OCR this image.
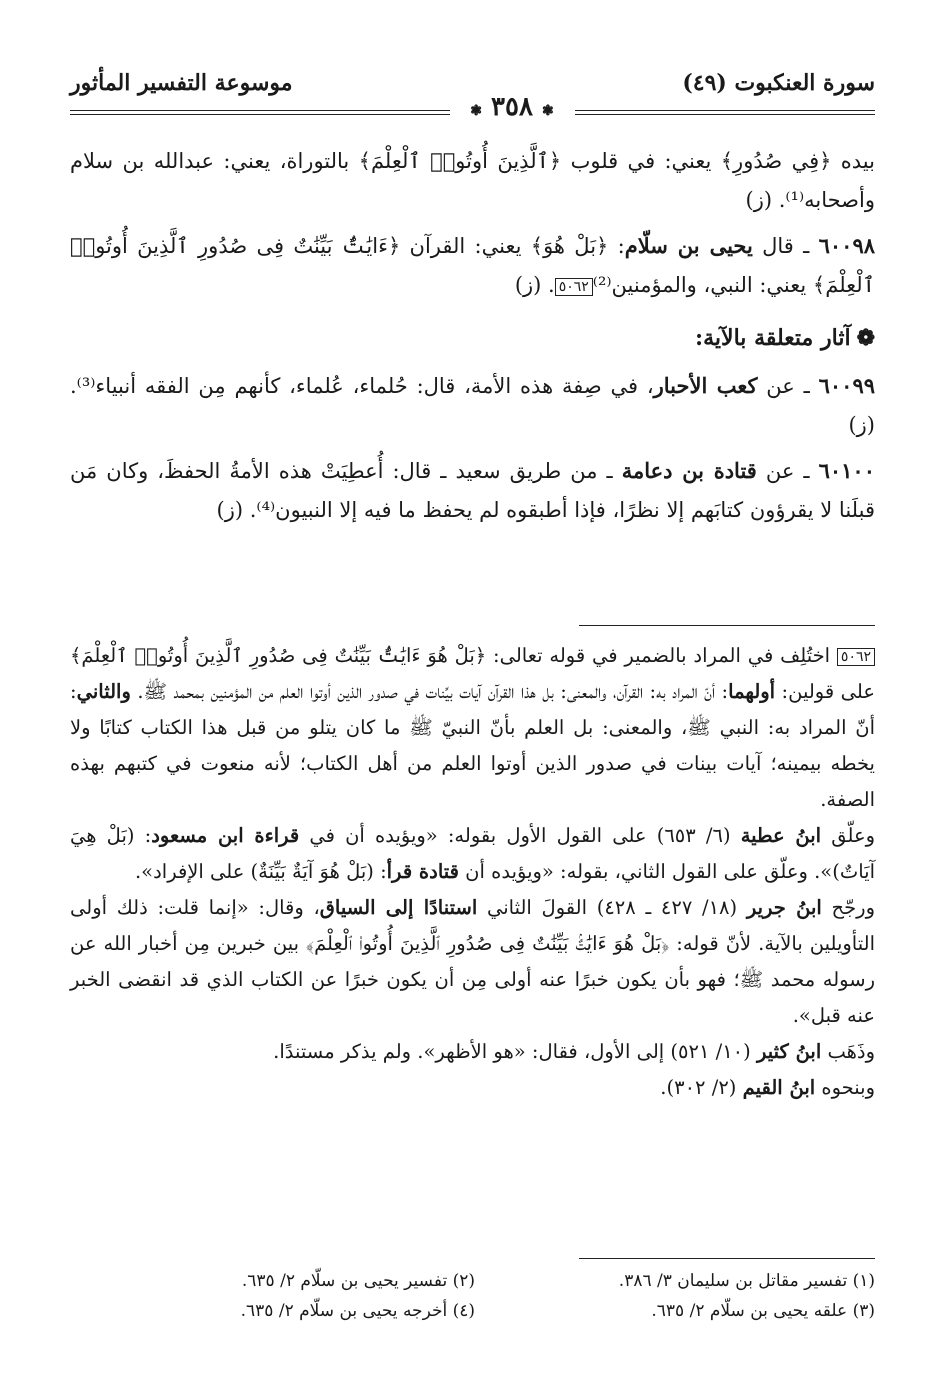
سورة العنكبوت (٤٩)
موسوعة التفسير المأثور
❃ ٣٥٨ ❃

بيده ﴿فِي صُدُورِ﴾ يعني: في قلوب ﴿ٱلَّذِينَ أُوتُوا۟ ٱلْعِلْمَ﴾ بالتوراة، يعني: عبدالله بن سلام وأصحابه⁽¹⁾. (ز)

٦٠٠٩٨ ـ قال يحيى بن سلّام: ﴿بَلْ هُوَ﴾ يعني: القرآن ﴿ءَايَٰتٌۢ بَيِّنَٰتٌ فِى صُدُورِ ٱلَّذِينَ أُوتُوا۟ ٱلْعِلْمَ﴾ يعني: النبي، والمؤمنين⁽²⁾٥٠٦٢. (ز)

❁آثار متعلقة بالآية:

٦٠٠٩٩ ـ عن كعب الأحبار، في صِفة هذه الأمة، قال: حُلماء، عُلماء، كأنهم مِن الفقه أنبياء⁽³⁾. (ز)

٦٠١٠٠ ـ عن قتادة بن دعامة ـ من طريق سعيد ـ قال: أُعطِيَتْ هذه الأمةُ الحفظَ، وكان مَن قبلَنا لا يقرؤون كتابَهم إلا نظرًا، فإذا أطبقوه لم يحفظ ما فيه إلا النبيون⁽⁴⁾. (ز)

٥٠٦٢ اختُلِف في المراد بالضمير في قوله تعالى: ﴿بَلْ هُوَ ءَايَٰتٌۢ بَيِّنَٰتٌ فِى صُدُورِ ٱلَّذِينَ أُوتُوا۟ ٱلْعِلْمَ﴾ على قولين: أولهما: أنّ المراد به: القرآن، والمعنى: بل هذا القرآن آيات بيِّنات في صدور الذين أوتوا العلم من المؤمنين بمحمد ﷺ. والثاني: أنّ المراد به: النبي ﷺ، والمعنى: بل العلم بأنّ النبيّ ﷺ ما كان يتلو من قبل هذا الكتاب كتابًا ولا يخطه بيمينه؛ آيات بينات في صدور الذين أوتوا العلم من أهل الكتاب؛ لأنه منعوت في كتبهم بهذه الصفة.

وعلّق ابنُ عطية (٦/ ٦٥٣) على القول الأول بقوله: «ويؤيده أن في قراءة ابن مسعود: (بَلْ هِيَ آيَاتٌ)». وعلّق على القول الثاني، بقوله: «ويؤيده أن قتادة قرأ: (بَلْ هُوَ آيَةٌ بَيِّنَةٌ) على الإفراد».

ورجّح ابنُ جرير (١٨/ ٤٢٧ ـ ٤٢٨) القولَ الثاني استنادًا إلى السياق، وقال: «إنما قلت: ذلك أولى التأويلين بالآية. لأنّ قوله: ﴿بَلْ هُوَ ءَايَٰتٌۢ بَيِّنَٰتٌ فِى صُدُورِ ٱلَّذِينَ أُوتُوا۟ ٱلْعِلْمَ﴾ بين خبرين مِن أخبار الله عن رسوله محمد ﷺ؛ فهو بأن يكون خبرًا عنه أولى مِن أن يكون خبرًا عن الكتاب الذي قد انقضى الخبر عنه قبل».

وذَهَب ابنُ كثير (١٠/ ٥٢١) إلى الأول، فقال: «هو الأظهر». ولم يذكر مستندًا.

وبنحوه ابنُ القيم (٢/ ٣٠٢).

(١) تفسير مقاتل بن سليمان ٣/ ٣٨٦.
(٢) تفسير يحيى بن سلّام ٢/ ٦٣٥.
(٣) علقه يحيى بن سلّام ٢/ ٦٣٥.
(٤) أخرجه يحيى بن سلّام ٢/ ٦٣٥.
